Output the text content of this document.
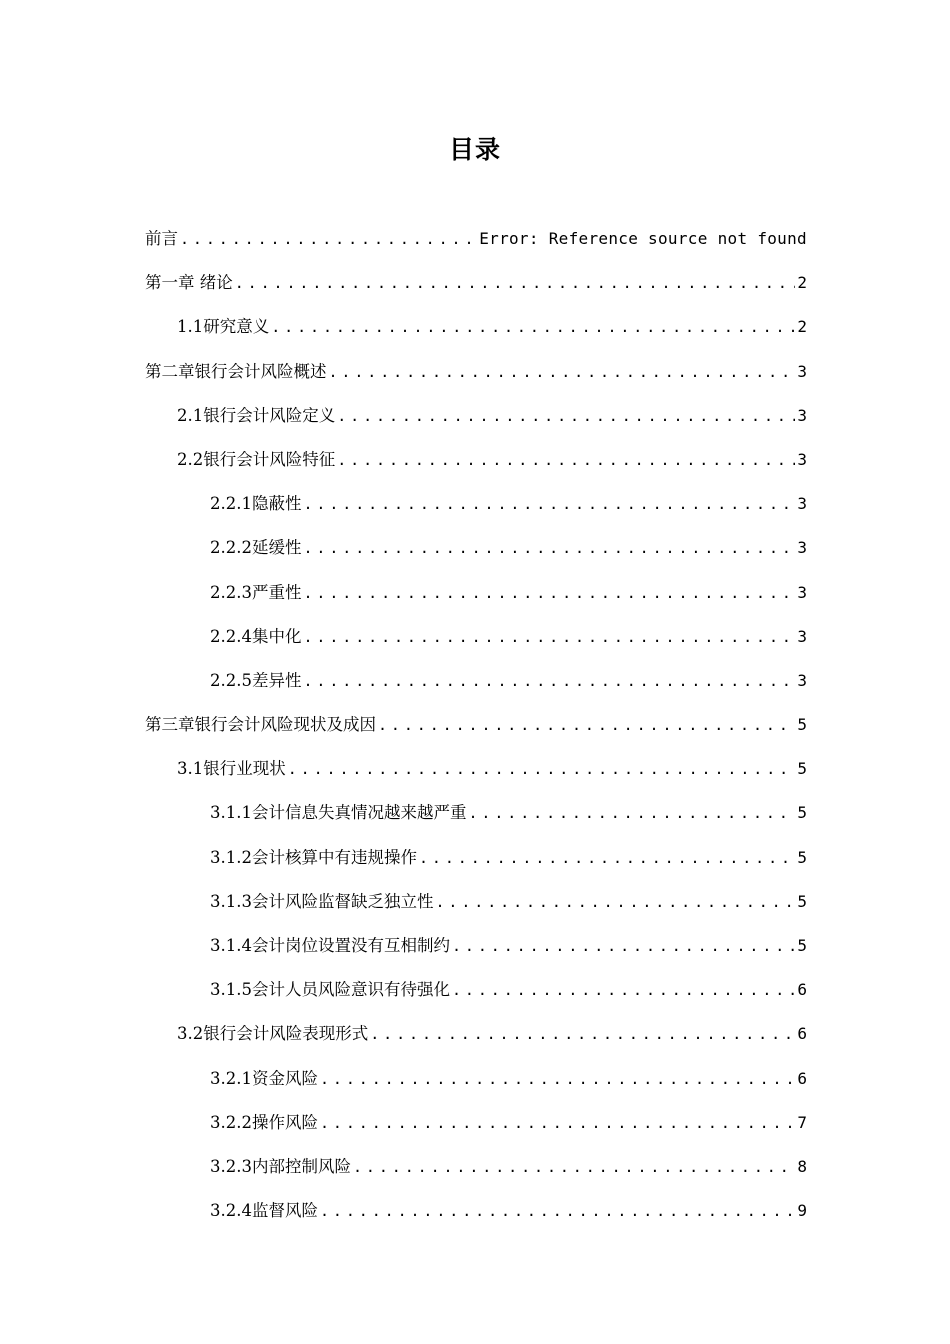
目录
前言 .....	Error: Reference source not found
第一章 绪论 .....	2
1.1研究意义 .....	2
第二章银行会计风险概述 .....	3
2.1银行会计风险定义 .....	3
2.2银行会计风险特征 .....	3
2.2.1隐蔽性 .....	3
2.2.2延缓性 .....	3
2.2.3严重性 .....	3
2.2.4集中化 .....	3
2.2.5差异性 .....	3
第三章银行会计风险现状及成因 .....	5
3.1银行业现状 .....	5
3.1.1会计信息失真情况越来越严重 .....	5
3.1.2会计核算中有违规操作 .....	5
3.1.3会计风险监督缺乏独立性 .....	5
3.1.4会计岗位设置没有互相制约 .....	5
3.1.5会计人员风险意识有待强化 .....	6
3.2银行会计风险表现形式 .....	6
3.2.1资金风险 .....	6
3.2.2操作风险 .....	7
3.2.3内部控制风险 .....	8
3.2.4监督风险 .....	9
